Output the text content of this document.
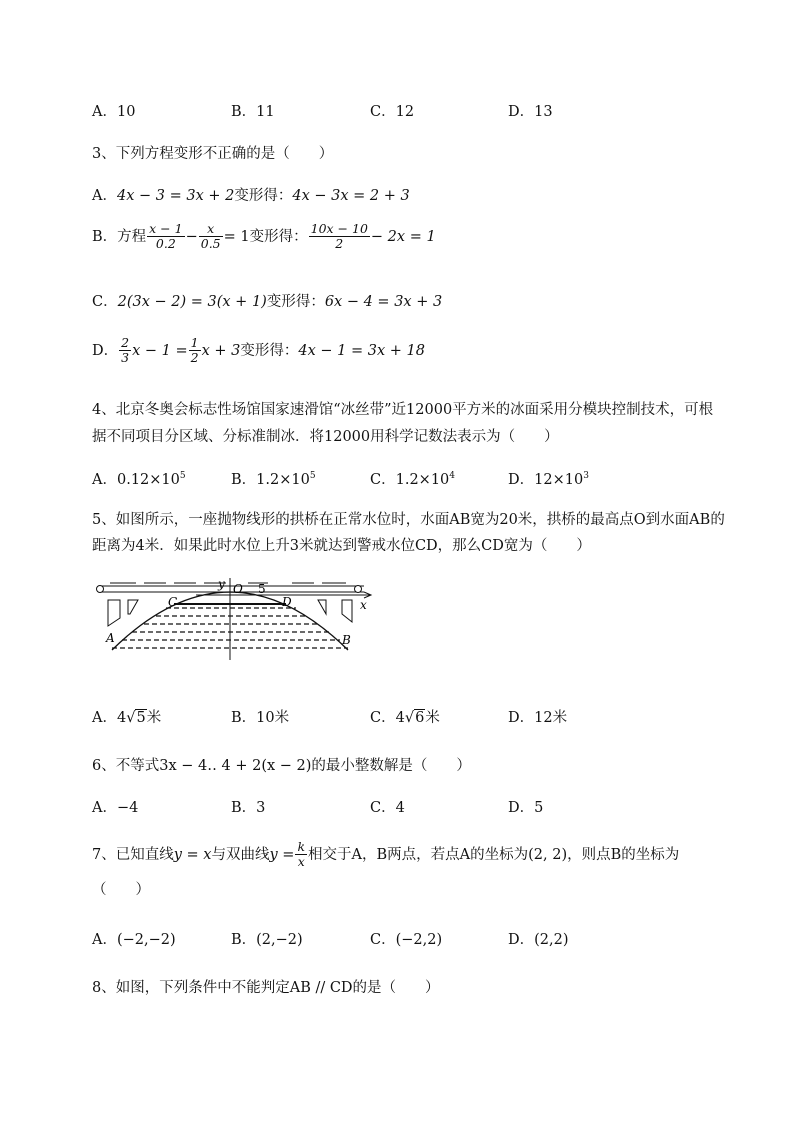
A．10	B．11	C．12	D．13
3、下列方程变形不正确的是（　　）
A．4x − 3 = 3x + 2变形得：4x − 3x = 2 + 3
B．方程 $\frac{x - 1}{0.2} - \frac{x}{0.5} = 1$变形得： $\frac{10x - 10}{2} - 2x = 1$
C．2(3x − 2) = 3(x + 1)变形得：6x − 4 = 3x + 3
D． $\frac{2}{3}$ $x - 1 = \frac{1}{2}$ x + 3变形得：4x − 1 = 3x + 18
4、北京冬奥会标志性场馆国家速滑馆“冰丝带”近12000平方米的冰面采用分模块控制技术，可根
据不同项目分区域、分标准制冰．将12000用科学记数法表示为（　　）
A．$0.12\times 10^5$	B．$1.2\times 10^5$	C．$1.2\times 10^4$	D．$12\times 10^3$
5、如图所示，一座抛物线形的拱桥在正常水位时，水面AB宽为20米，拱桥的最高点O到水面AB的
距离为4米．如果此时水位上升3米就达到警戒水位CD，那么CD宽为（　　）
y O 5
x
C	D
A	B
A．4√5米	B．10米	C．4√6米	D．12米
6、不等式3x − 4‥ 4 + 2(x − 2)的最小整数解是（　　）
A．−4	B．3	C．4	D．5
7、已知直线y = x与双曲线$y = \frac{k}{x}$ 相交于A，B两点，若点A的坐标为(2, 2)，则点B的坐标为
（　　）
A．(−2,−2)	B．(2,−2)	C．(−2,2)	D．(2,2)
8、如图，下列条件中不能判定AB // CD的是（　　）
